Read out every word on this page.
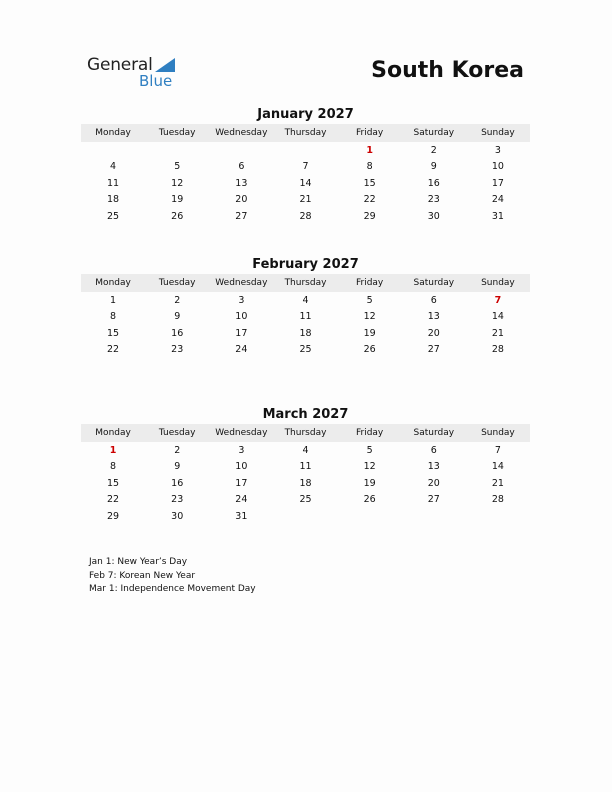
General
Blue	South Korea
January 2027
Monday	Tuesday	Wednesday	Thursday	Friday	Saturday	Sunday
				1	2	3
4	5	6	7	8	9	10
11	12	13	14	15	16	17
18	19	20	21	22	23	24
25	26	27	28	29	30	31
February 2027
Monday	Tuesday	Wednesday	Thursday	Friday	Saturday	Sunday
1	2	3	4	5	6	7
8	9	10	11	12	13	14
15	16	17	18	19	20	21
22	23	24	25	26	27	28
March 2027
Monday	Tuesday	Wednesday	Thursday	Friday	Saturday	Sunday
1	2	3	4	5	6	7
8	9	10	11	12	13	14
15	16	17	18	19	20	21
22	23	24	25	26	27	28
29	30	31				
Jan 1: New Year’s Day
Feb 7: Korean New Year
Mar 1: Independence Movement Day
